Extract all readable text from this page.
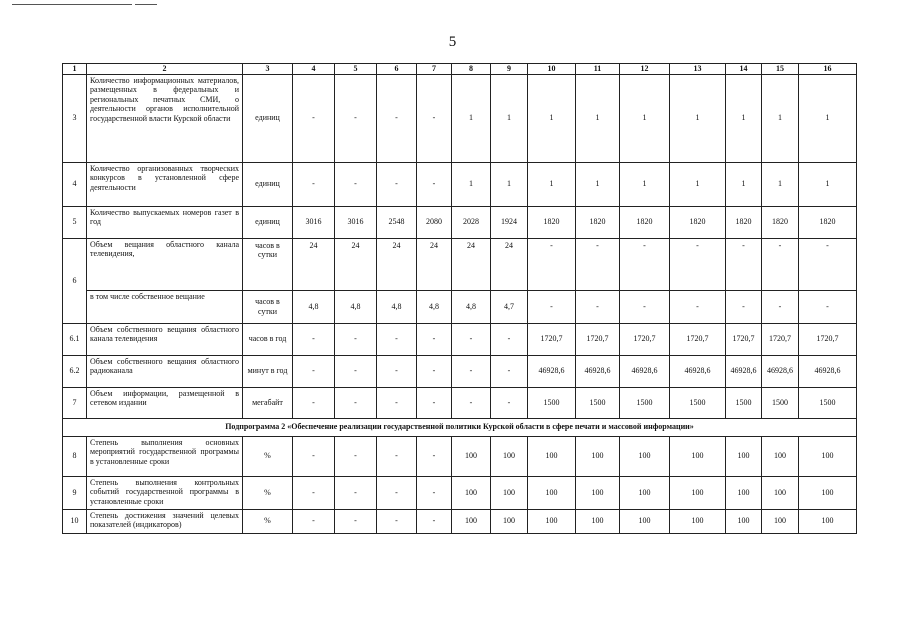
5
1	2	3	4	5	6	7	8	9	10	11	12	13	14	15	16
3	Количество информационных материалов, размещенных в федеральных и региональных печатных СМИ, о деятельности органов исполнительной государственной власти Курской области	единиц	-	-	-	-	1	1	1	1	1	1	1	1	1
4	Количество организованных творческих конкурсов в установленной сфере деятельности	единиц	-	-	-	-	1	1	1	1	1	1	1	1	1
5	Количество выпускаемых номеров газет в год	единиц	3016	3016	2548	2080	2028	1924	1820	1820	1820	1820	1820	1820	1820
6	Объем вещания областного канала телевидения,	часов в сутки	24	24	24	24	24	24	-	-	-	-	-	-	-
	в том числе собственное вещание	часов в сутки	4,8	4,8	4,8	4,8	4,8	4,7	-	-	-	-	-	-	-
6.1	Объем собственного вещания областного канала телевидения	часов в год	-	-	-	-	-	-	1720,7	1720,7	1720,7	1720,7	1720,7	1720,7	1720,7
6.2	Объем собственного вещания областного радиоканала	минут в год	-	-	-	-	-	-	46928,6	46928,6	46928,6	46928,6	46928,6	46928,6	46928,6
7	Объем информации, размещенной в сетевом издании	мегабайт	-	-	-	-	-	-	1500	1500	1500	1500	1500	1500	1500
Подпрограмма 2 «Обеспечение реализации государственной политики Курской области в сфере печати и массовой информации»															
8	Степень выполнения основных мероприятий государственной программы в установленные сроки	%	-	-	-	-	100	100	100	100	100	100	100	100	100
9	Степень выполнения контрольных событий государственной программы в установленные сроки	%	-	-	-	-	100	100	100	100	100	100	100	100	100
10	Степень достижения значений целевых показателей (индикаторов)	%	-	-	-	-	100	100	100	100	100	100	100	100	100
